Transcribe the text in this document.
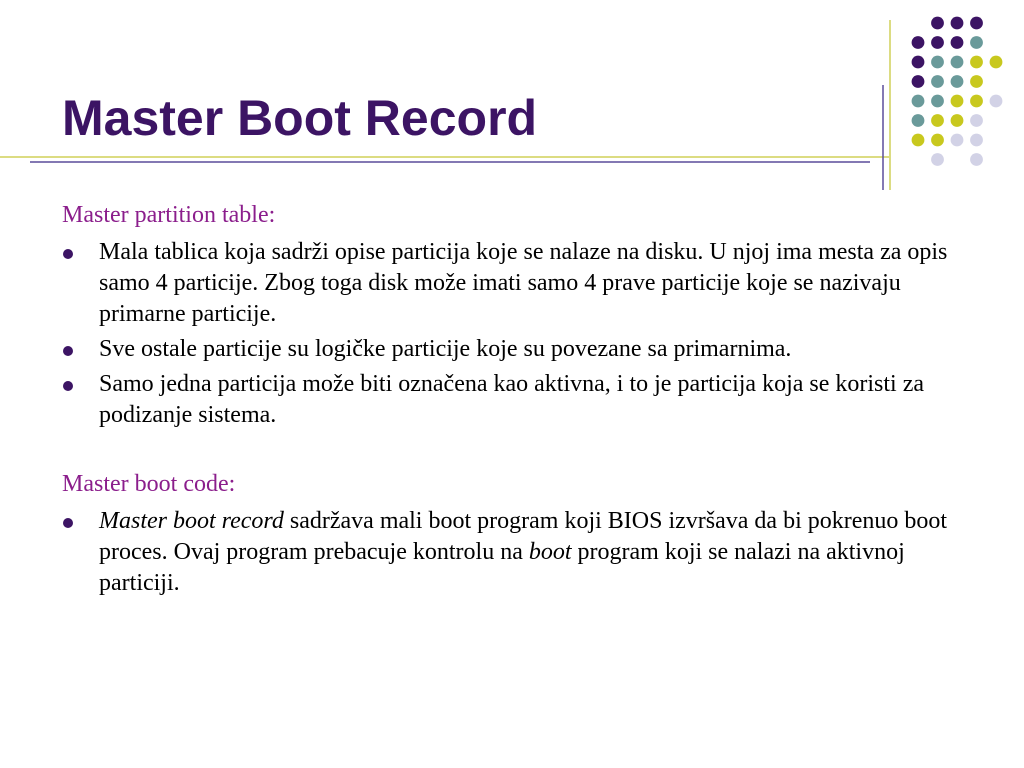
Master Boot Record
Master partition table:
Mala tablica koja sadrži opise particija koje se nalaze na disku. U njoj ima mesta za opis samo 4 particije. Zbog toga disk može imati samo 4 prave particije koje se nazivaju primarne particije.
Sve ostale particije su logičke particije koje su povezane sa primarnima.
Samo jedna particija može biti označena kao aktivna, i to je particija koja se koristi za podizanje sistema.
Master boot code:
Master boot record sadržava mali boot program koji BIOS izvršava da bi pokrenuo boot proces. Ovaj program prebacuje kontrolu na boot program koji se nalazi na aktivnoj particiji.
